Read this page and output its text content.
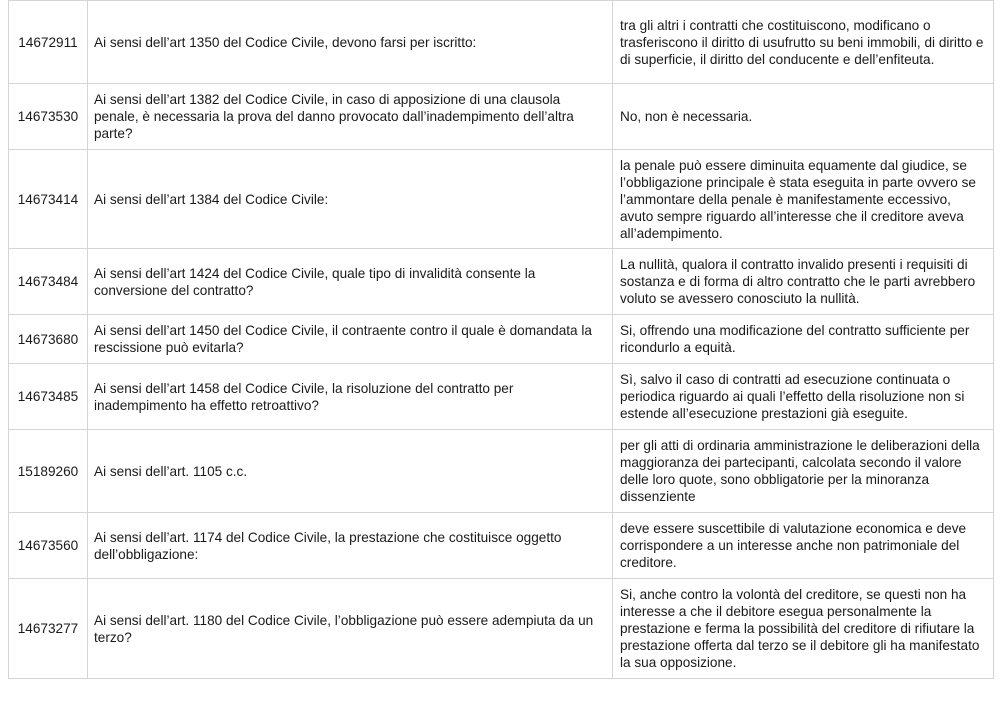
14672911	Ai sensi dell’art 1350 del Codice Civile, devono farsi per iscritto:	tra gli altri i contratti che costituiscono, modificano o trasferiscono il diritto di usufrutto su beni immobili, di diritto e di superficie, il diritto del conducente e dell’enfiteuta.
14673530	Ai sensi dell’art 1382 del Codice Civile, in caso di apposizione di una clausola penale, è necessaria la prova del danno provocato dall’inadempimento dell’altra parte?	No, non è necessaria.
14673414	Ai sensi dell’art 1384 del Codice Civile:	la penale può essere diminuita equamente dal giudice, se l’obbligazione principale è stata eseguita in parte ovvero se l’ammontare della penale è manifestamente eccessivo, avuto sempre riguardo all’interesse che il creditore aveva all’adempimento.
14673484	Ai sensi dell’art 1424 del Codice Civile, quale tipo di invalidità consente la conversione del contratto?	La nullità, qualora il contratto invalido presenti i requisiti di sostanza e di forma di altro contratto che le parti avrebbero voluto se avessero conosciuto la nullità.
14673680	Ai sensi dell’art 1450 del Codice Civile, il contraente contro il quale è domandata la rescissione può evitarla?	Si, offrendo una modificazione del contratto sufficiente per ricondurlo a equità.
14673485	Ai sensi dell’art 1458 del Codice Civile, la risoluzione del contratto per inadempimento ha effetto retroattivo?	Sì, salvo il caso di contratti ad esecuzione continuata o periodica riguardo ai quali l’effetto della risoluzione non si estende all’esecuzione prestazioni già eseguite.
15189260	Ai sensi dell’art. 1105 c.c.	per gli atti di ordinaria amministrazione le deliberazioni della maggioranza dei partecipanti, calcolata secondo il valore delle loro quote, sono obbligatorie per la minoranza dissenziente
14673560	Ai sensi dell’art. 1174 del Codice Civile, la prestazione che costituisce oggetto dell’obbligazione:	deve essere suscettibile di valutazione economica e deve corrispondere a un interesse anche non patrimoniale del creditore.
14673277	Ai sensi dell’art. 1180 del Codice Civile, l’obbligazione può essere adempiuta da un terzo?	Si, anche contro la volontà del creditore, se questi non ha interesse a che il debitore esegua personalmente la prestazione e ferma la possibilità del creditore di rifiutare la prestazione offerta dal terzo se il debitore gli ha manifestato la sua opposizione.
